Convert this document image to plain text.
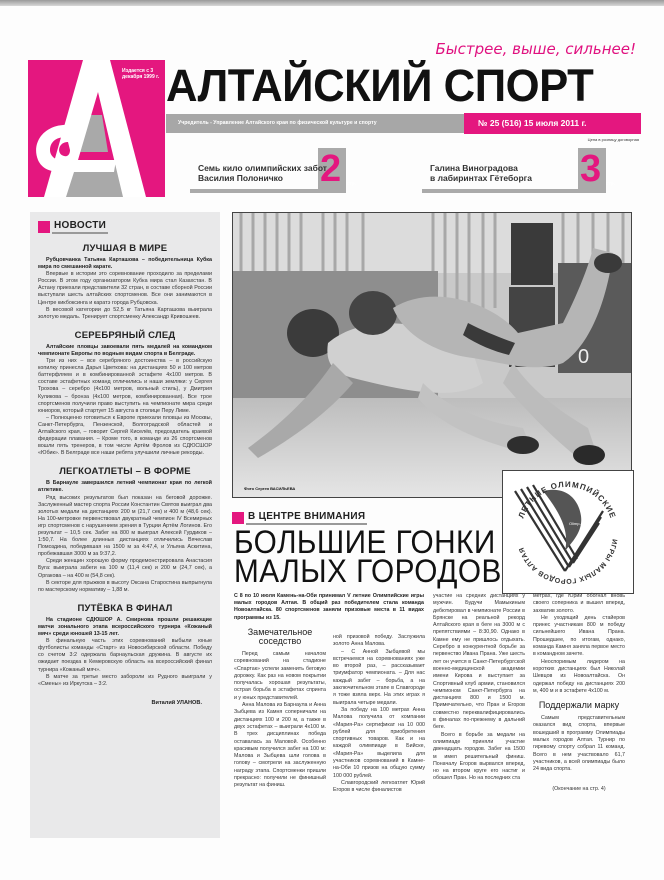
Быстрее, выше, сильнее!
Издается с 3 декабря 1999 г. АЛТАЙСКИЙ СПОРТ
Учредитель - Управление Алтайского края по физической культуре и спорту	№ 25 (516) 15 июля 2011 г.
Цена в розницу договорная
Семь кило олимпийских забот
Василия Полоничко 2 стр.
Галина Виноградова
в лабиринтах Гётеборга 3 стр.
НОВОСТИ
ЛУЧШАЯ В МИРЕ

Рубцовчанка Татьяна Карташова – победительница Кубка мира по смешанной карате.

Впервые в истории это соревнование проходило за пределами России. В этом году организатором Кубка мира стал Казахстан. В Астану приехали представители 32 стран, в составе сборной России выступали шесть алтайских спортсменов. Все они занимаются в Центре кикбоксинга и каратэ города Рубцовска.

В весовой категории до 52,5 кг Татьяна Карташова выиграла золотую медаль. Тренирует спортсменку Александр Кривошеев.

СЕРЕБРЯНЫЙ СЛЕД

Алтайские пловцы завоевали пять медалей на командном чемпионате Европы по водным видам спорта в Белграде.

Три из них – все серебряного достоинства – в российскую копилку принесла Дарья Цветкова: на дистанциях 50 и 100 метров баттерфляем и в комбинированной эстафете 4х100 метров. В составе эстафетных команд отличились и наши земляки: у Сергея Трохова – серебро (4х100 метров, вольный стиль), у Дмитрия Куликова – бронза (4х100 метров, комбинированная). Все трое спортсменов получили право выступить на чемпионате мира среди юниоров, который стартует 15 августа в столице Перу Лиме.

– Полноценно готовиться к Европе приехали пловцы из Москвы, Санкт-Петербурга, Пензенской, Волгоградской областей и Алтайского края, – говорит Сергей Киселёв, председатель краевой федерации плавания. – Кроме того, в команде из 26 спортсменов вошли пять тренеров, в том числе Артём Фролов из СДЮСШОР «Юбик». В Белграде все наши ребята улучшили личные рекорды.

ЛЕГКОАТЛЕТЫ – В ФОРМЕ

В Барнауле завершился летний чемпионат края по легкой атлетике.

Ряд высоких результатов был показан на беговой дорожке. Заслуженный мастер спорта России Константин Святов выиграл два золотых медали на дистанциях 200 м (21,7 сек) и 400 м (48,6 сек). На 100-метровке первенствовал двукратный чемпион IV Всемирных игр спортсменов с нарушением зрения в Турции Артём Логинов. Его результат – 10,5 сек. Забег на 800 м выиграл Алексей Гурдиков – 1:50,7. На более длинных дистанциях отличились Вячеслав Помоздина, победившая на 1500 м за 4:47,4, и Ульяна Аскитина, пробежавшая 3000 м за 9:37,2.

Среди женщин хорошую форму продемонстрировала Анастасия Буга: выиграла забеги на 100 м (11,4 сек) и 200 м (24,7 сек), а Оргакова – на 400 м (54,8 сек).

В секторе для прыжков в высоту Оксана Старостина выпрыгнула по мастерскому нормативу – 1,88 м.

ПУТЁВКА В ФИНАЛ

На стадионе СДЮШОР А. Смирнова прошли решающие матчи зонального этапа всероссийского турнира «Кожаный мяч» среди юношей 13-15 лет.

В финальную часть этих соревнований выбыли юные футболисты команды «Старт» из Новосибирской области. Победу со счетом 3:2 одержала барнаульская дружина. В августе их ожидает поездка в Кемеровскую область на всероссийский финал турнира «Кожаный мяч».

В матче за третье место забороли из Рудного выиграли у «Смены» из Иркутска – 3:2.

Виталий УЛАНОВ.
0
Фото Сергея ВАСИЛЬЕВА
ЛЕТНИЕ ОЛИМПИЙСКИЕ
ИГРЫ МАЛЫХ ГОРОДОВ АЛТАЯ
Olimp-altai.ru
В ЦЕНТРЕ ВНИМАНИЯ
БОЛЬШИЕ ГОНКИ
МАЛЫХ ГОРОДОВ
С 8 по 10 июля Камень-на-Оби принимал V летние Олимпийские игры малых городов Алтая. В общий раз победителем стала команда Новоалтайска. 80 спортсменов заняли призовые места в 11 видах программы из 15.
Замечательное соседство

Перед самым началом соревнований на стадионе «Спартак» успели заменить беговую дорожку. Как раз на новом покрытии получалась хорошая результаты, острая борьба в эстафетах спринта и у юных представителей.

Анна Малова из Барнаула и Анна Зыбцева из Камня соперничали на дистанциях 100 и 200 м, а также в двух эстафетах – выиграли 4х100 м. В трех дисциплинах победа оставалась за Маловой. Особенно красивым получился забег на 100 м: Малова и Зыбцева шли голова в голову – смотрели на заслуженную награду этапа. Спортсменки пришли прекрасно: получили не финишный результат на финиш.

ной призовой победу. Заслужила золото Анна Малова.

– С Анной Зыбцевой мы встречаемся на соревнованиях уже во второй раз, – рассказывает триумфатор чемпионата. – Для нас каждый забег – борьба, а на заключительном этапе в Славгороде я тоже взяла верх. На этих играх я выиграла четыре медали.

За победу на 100 метрах Анна Малова получила от компании «Мария-Ра» сертификат на 10 000 рублей для приобретения спортивных товаров. Как и на каждой олимпиаде в Бийске, «Мария-Ра» выделила для участников соревнований в Камне-на-Оби 10 призов на общую сумму 100 000 рублей.

Славгородский легкоатлет Юрий Егоров в числе финалистов

участие на средних дистанциях у мужчин. Будучи Мамыкиным дебютировал в чемпионате России в Брянске на реальной рекорд Алтайского края в беге на 3000 м с препятствиями – 8:30,90. Однако в Камне ему не пришлось отдыхать. Серебро в конкурентной борьбе за первенство Ивана Прана. Уже шесть лет он учится в Санкт-Петербургской военно-медицинской академии имени Кирова и выступает за Спортивный клуб армии, становился чемпионом Санкт-Петербурга на дистанциях 800 и 1500 м. Примечательно, что Пран и Егоров совместно переквалифицировались в финалах по-прежнему в дальний беге.

Всего в борьбе за медали на олимпиаде приняли участие двенадцать городов. Забег на 1500 м имел решительный финиш. Поначалу Егоров вырвался вперед, но на втором круге его настиг и обошел Пран. Но на последних ста

метрах, где Юрий обогнал вновь своего соперника и вышел вперед, захватив золото.

Не уходящий день стайеров принес участникам 800 м победу сильнейшего Ивана Прана. Прошедшее, по итогам, однако, команда Камня заняла первое место в командном зачете.

Неоспоримым лидером на коротких дистанциях был Николай Шевцов из Новоалтайска. Он одержал победу на дистанциях 200 м, 400 м и в эстафете 4х100 м.

Поддержали марку

Самым представительным оказался вид спорта, впервые вошедший в программу Олимпиады малых городов Алтая. Турнир по гиревому спорту собрал 11 команд. Всего в нем участвовало 61,7 участников, а всей олимпиады было 24 вида спорта.

(Окончание на стр. 4)
